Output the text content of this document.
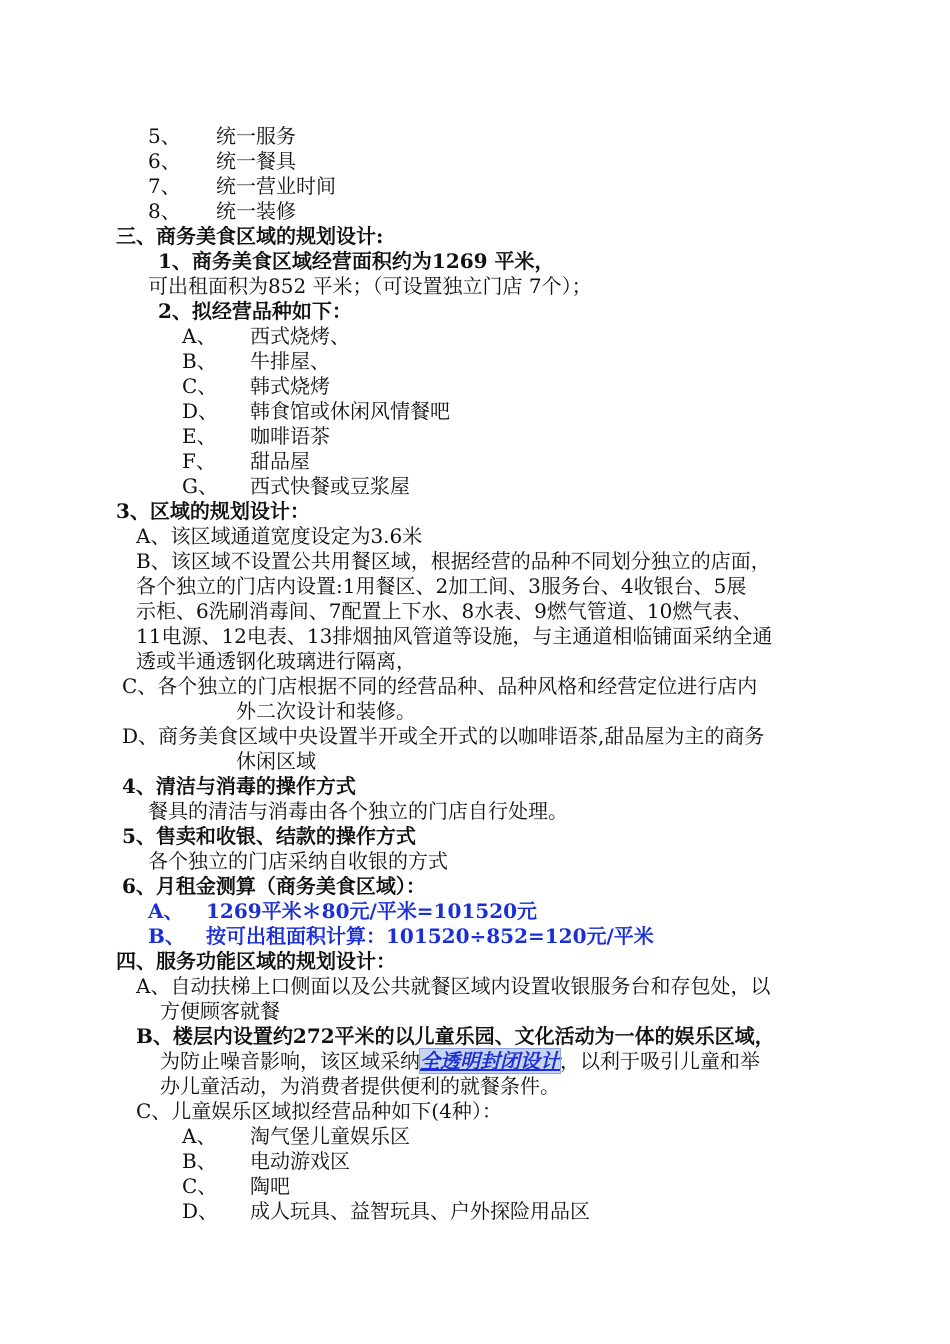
5、 统一服务
6、 统一餐具
7、 统一营业时间
8、 统一装修
三、商务美食区域的规划设计:
1、商务美食区域经营面积约为1269 平米，
可出租面积为852 平米；（可设置独立门店 7个）；
2、拟经营品种如下：
A、 西式烧烤、
B、 牛排屋、
C、 韩式烧烤
D、 韩食馆或休闲风情餐吧
E、 咖啡语茶
F、 甜品屋
G、 西式快餐或豆浆屋
3、区域的规划设计：
A、该区域通道宽度设定为3.6米
B、该区域不设置公共用餐区域，根据经营的品种不同划分独立的店面，
各个独立的门店内设置:1用餐区、2加工间、3服务台、4收银台、5展
示柜、6洗刷消毒间、7配置上下水、8水表、9燃气管道、10燃气表、
11电源、12电表、13排烟抽风管道等设施，与主通道相临铺面采纳全通
透或半通透钢化玻璃进行隔离，
C、各个独立的门店根据不同的经营品种、品种风格和经营定位进行店内
外二次设计和装修。
D、商务美食区域中央设置半开或全开式的以咖啡语茶,甜品屋为主的商务
休闲区域
4、清洁与消毒的操作方式
餐具的清洁与消毒由各个独立的门店自行处理。
5、售卖和收银、结款的操作方式
各个独立的门店采纳自收银的方式
6、月租金测算（商务美食区域）：
A、 1269平米＊80元/平米=101520元
B、 按可出租面积计算：101520÷852=120元/平米
四、服务功能区域的规划设计：
A、自动扶梯上口侧面以及公共就餐区域内设置收银服务台和存包处，以
方便顾客就餐
B、楼层内设置约272平米的以儿童乐园、文化活动为一体的娱乐区域，
为防止噪音影响，该区域采纳全透明封闭设计，以利于吸引儿童和举
办儿童活动，为消费者提供便利的就餐条件。
C、儿童娱乐区域拟经营品种如下(4种）：
A、 淘气堡儿童娱乐区
B、 电动游戏区
C、 陶吧
D、 成人玩具、益智玩具、户外探险用品区
